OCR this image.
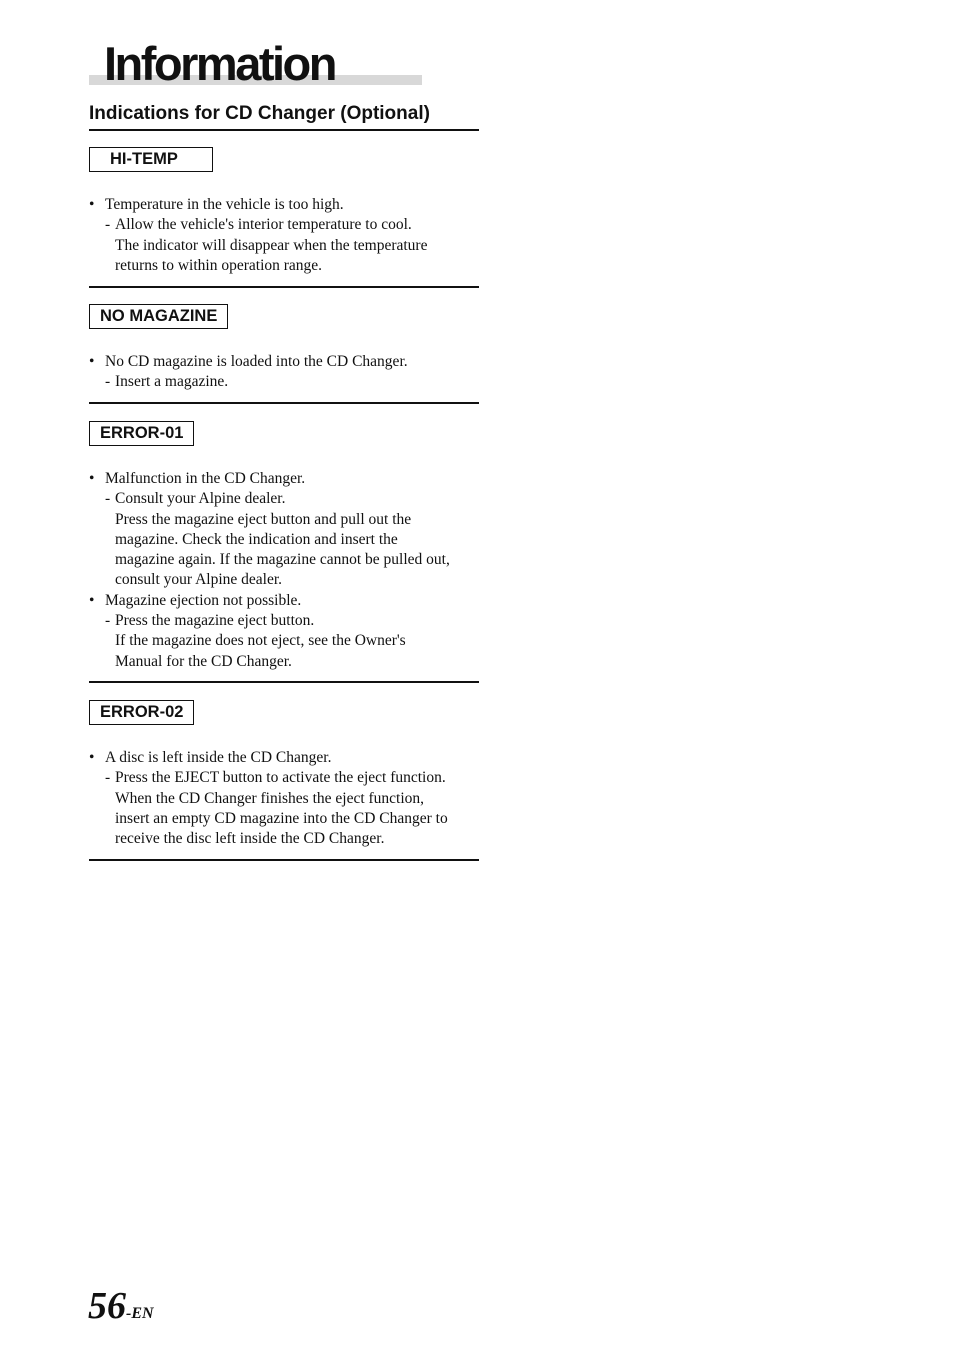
Information
Indications for CD Changer (Optional)
HI-TEMP
• Temperature in the vehicle is too high.
- Allow the vehicle's interior temperature to cool.
The indicator will disappear when the temperature
returns to within operation range.
NO MAGAZINE
• No CD magazine is loaded into the CD Changer.
- Insert a magazine.
ERROR-01
• Malfunction in the CD Changer.
- Consult your Alpine dealer.
Press the magazine eject button and pull out the
magazine. Check the indication and insert the
magazine again. If the magazine cannot be pulled out,
consult your Alpine dealer.
• Magazine ejection not possible.
- Press the magazine eject button.
If the magazine does not eject, see the Owner's
Manual for the CD Changer.
ERROR-02
• A disc is left inside the CD Changer.
- Press the EJECT button to activate the eject function.
When the CD Changer finishes the eject function,
insert an empty CD magazine into the CD Changer to
receive the disc left inside the CD Changer.
56-EN
